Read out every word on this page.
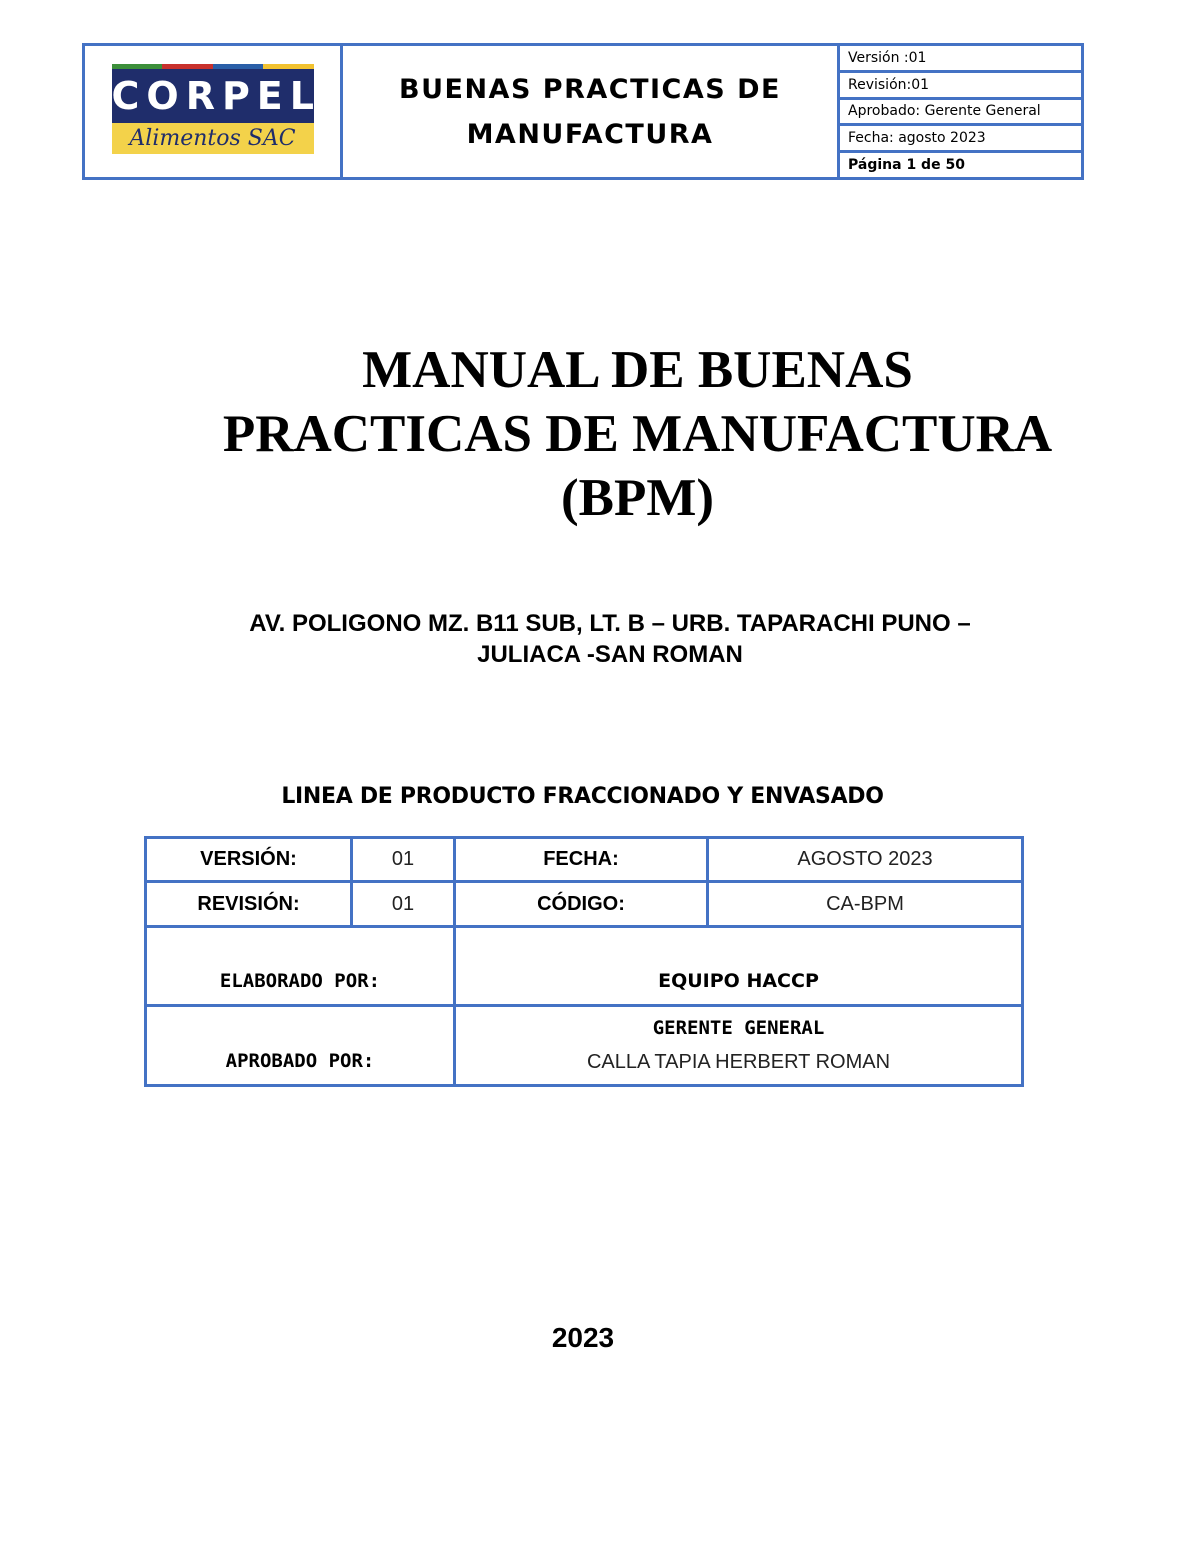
CORPEL
Alimentos SAC
BUENAS PRACTICAS DE
MANUFACTURA
Versión :01
Revisión:01
Aprobado: Gerente General
Fecha: agosto 2023
Página 1 de 50
MANUAL DE BUENAS
PRACTICAS DE MANUFACTURA
(BPM)
AV. POLIGONO MZ. B11 SUB, LT. B – URB. TAPARACHI PUNO –
JULIACA -SAN ROMAN
LINEA DE PRODUCTO FRACCIONADO Y ENVASADO
VERSIÓN:	01	FECHA:	AGOSTO 2023
REVISIÓN:	01	CÓDIGO:	CA-BPM
ELABORADO POR:		EQUIPO HACCP	
APROBADO POR:		GERENTE GENERAL
CALLA TAPIA HERBERT ROMAN	
2023
